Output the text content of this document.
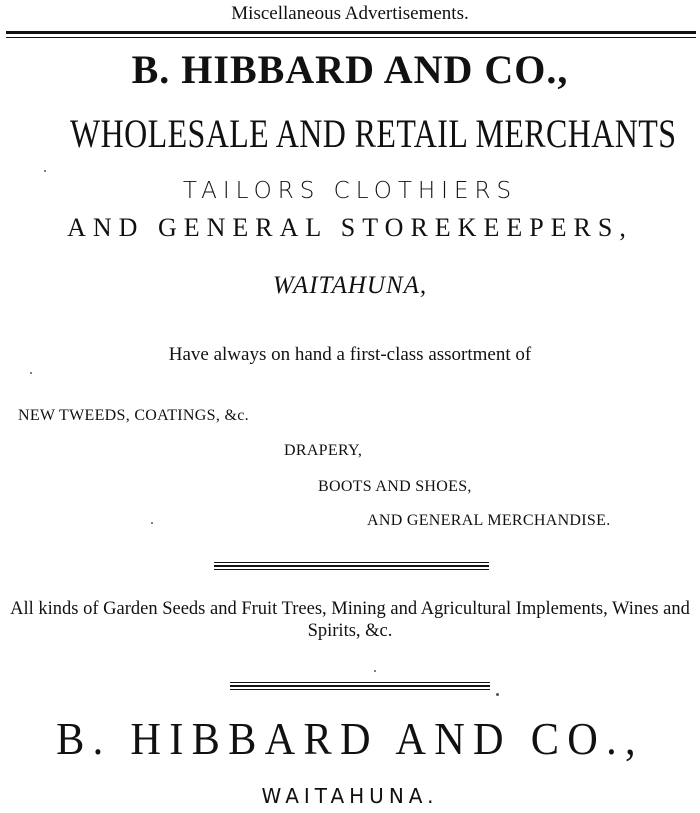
Miscellaneous Advertisements.
B. HIBBARD AND CO.,
WHOLESALE AND RETAIL MERCHANTS
TAILORS CLOTHIERS
AND GENERAL STOREKEEPERS,
WAITAHUNA,
Have always on hand a first-class assortment of
NEW TWEEDS, COATINGS, &c.
DRAPERY,
BOOTS AND SHOES,
AND GENERAL MERCHANDISE.
All kinds of Garden Seeds and Fruit Trees, Mining and Agricultural Implements, Wines and Spirits, &c.
B. HIBBARD AND CO.,
WAITAHUNA.
